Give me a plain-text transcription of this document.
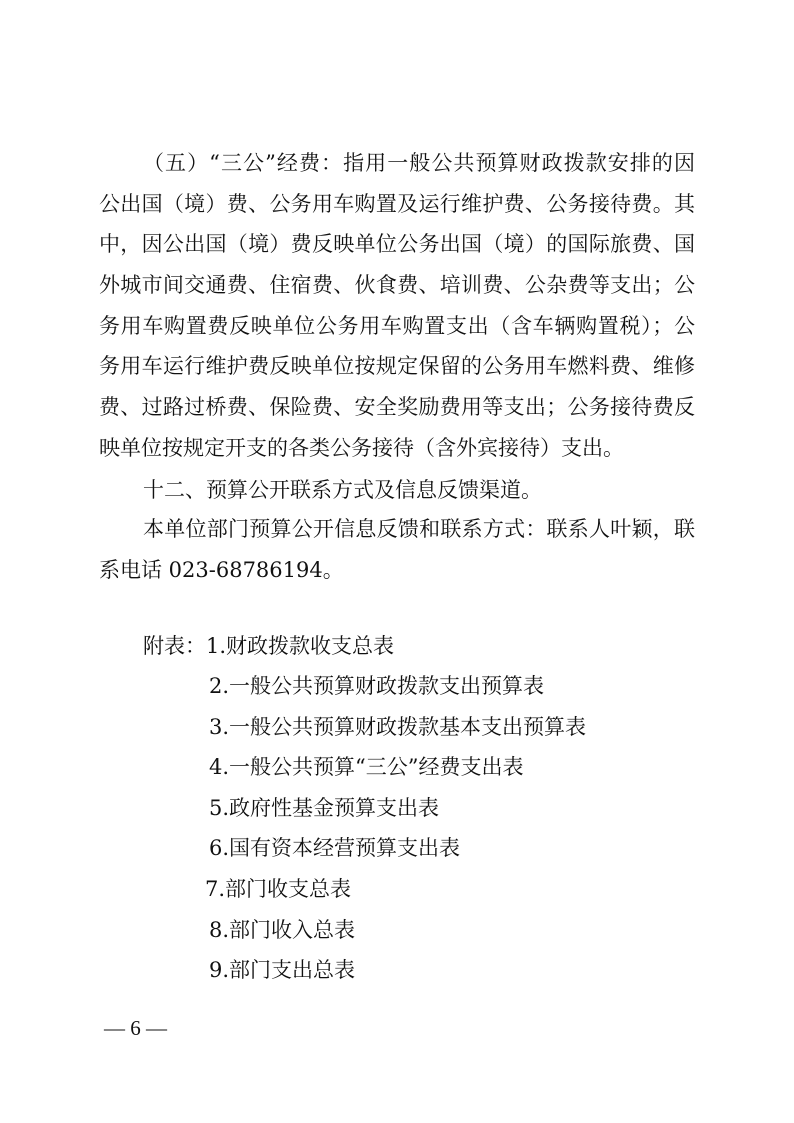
（五）“三公”经费：指用一般公共预算财政拨款安排的因
公出国（境）费、公务用车购置及运行维护费、公务接待费。其
中，因公出国（境）费反映单位公务出国（境）的国际旅费、国
外城市间交通费、住宿费、伙食费、培训费、公杂费等支出；公
务用车购置费反映单位公务用车购置支出（含车辆购置税）；公
务用车运行维护费反映单位按规定保留的公务用车燃料费、维修
费、过路过桥费、保险费、安全奖励费用等支出；公务接待费反
映单位按规定开支的各类公务接待（含外宾接待）支出。
十二、预算公开联系方式及信息反馈渠道。
本单位部门预算公开信息反馈和联系方式：联系人叶颖，联
系电话 023-68786194。
附表：1.财政拨款收支总表
2.一般公共预算财政拨款支出预算表
3.一般公共预算财政拨款基本支出预算表
4.一般公共预算“三公”经费支出表
5.政府性基金预算支出表
6.国有资本经营预算支出表
7.部门收支总表
8.部门收入总表
9.部门支出总表
— 6 —
